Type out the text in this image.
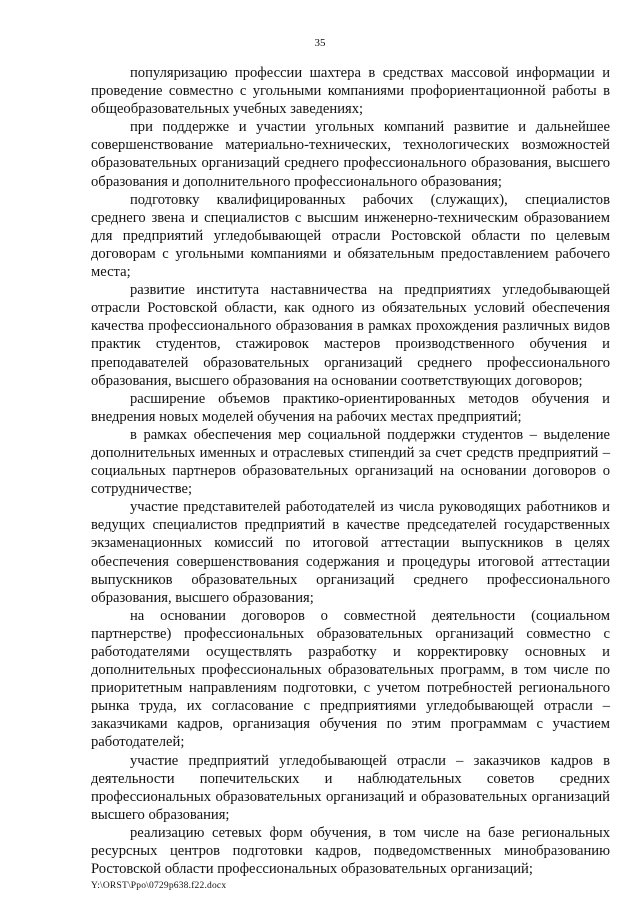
35

популяризацию профессии шахтера в средствах массовой информации и проведение совместно с угольными компаниями профориентационной работы в общеобразовательных учебных заведениях;

при поддержке и участии угольных компаний развитие и дальнейшее совершенствование материально-технических, технологических возможностей образовательных организаций среднего профессионального образования, высшего образования и дополнительного профессионального образования;

подготовку квалифицированных рабочих (служащих), специалистов среднего звена и специалистов с высшим инженерно-техническим образованием для предприятий угледобывающей отрасли Ростовской области по целевым договорам с угольными компаниями и обязательным предоставлением рабочего места;

развитие института наставничества на предприятиях угледобывающей отрасли Ростовской области, как одного из обязательных условий обеспечения качества профессионального образования в рамках прохождения различных видов практик студентов, стажировок мастеров производственного обучения и преподавателей образовательных организаций среднего профессионального образования, высшего образования на основании соответствующих договоров;

расширение объемов практико-ориентированных методов обучения и внедрения новых моделей обучения на рабочих местах предприятий;

в рамках обеспечения мер социальной поддержки студентов – выделение дополнительных именных и отраслевых стипендий за счет средств предприятий – социальных партнеров образовательных организаций на основании договоров о сотрудничестве;

участие представителей работодателей из числа руководящих работников и ведущих специалистов предприятий в качестве председателей государственных экзаменационных комиссий по итоговой аттестации выпускников в целях обеспечения совершенствования содержания и процедуры итоговой аттестации выпускников образовательных организаций среднего профессионального образования, высшего образования;

на основании договоров о совместной деятельности (социальном партнерстве) профессиональных образовательных организаций совместно с работодателями осуществлять разработку и корректировку основных и дополнительных профессиональных образовательных программ, в том числе по приоритетным направлениям подготовки, с учетом потребностей регионального рынка труда, их согласование с предприятиями угледобывающей отрасли – заказчиками кадров, организация обучения по этим программам с участием работодателей;

участие предприятий угледобывающей отрасли – заказчиков кадров в деятельности попечительских и наблюдательных советов средних профессиональных образовательных организаций и образовательных организаций высшего образования;

реализацию сетевых форм обучения, в том числе на базе региональных ресурсных центров подготовки кадров, подведомственных минобразованию Ростовской области профессиональных образовательных организаций;

Y:\ORST\Ppo\0729p638.f22.docx
